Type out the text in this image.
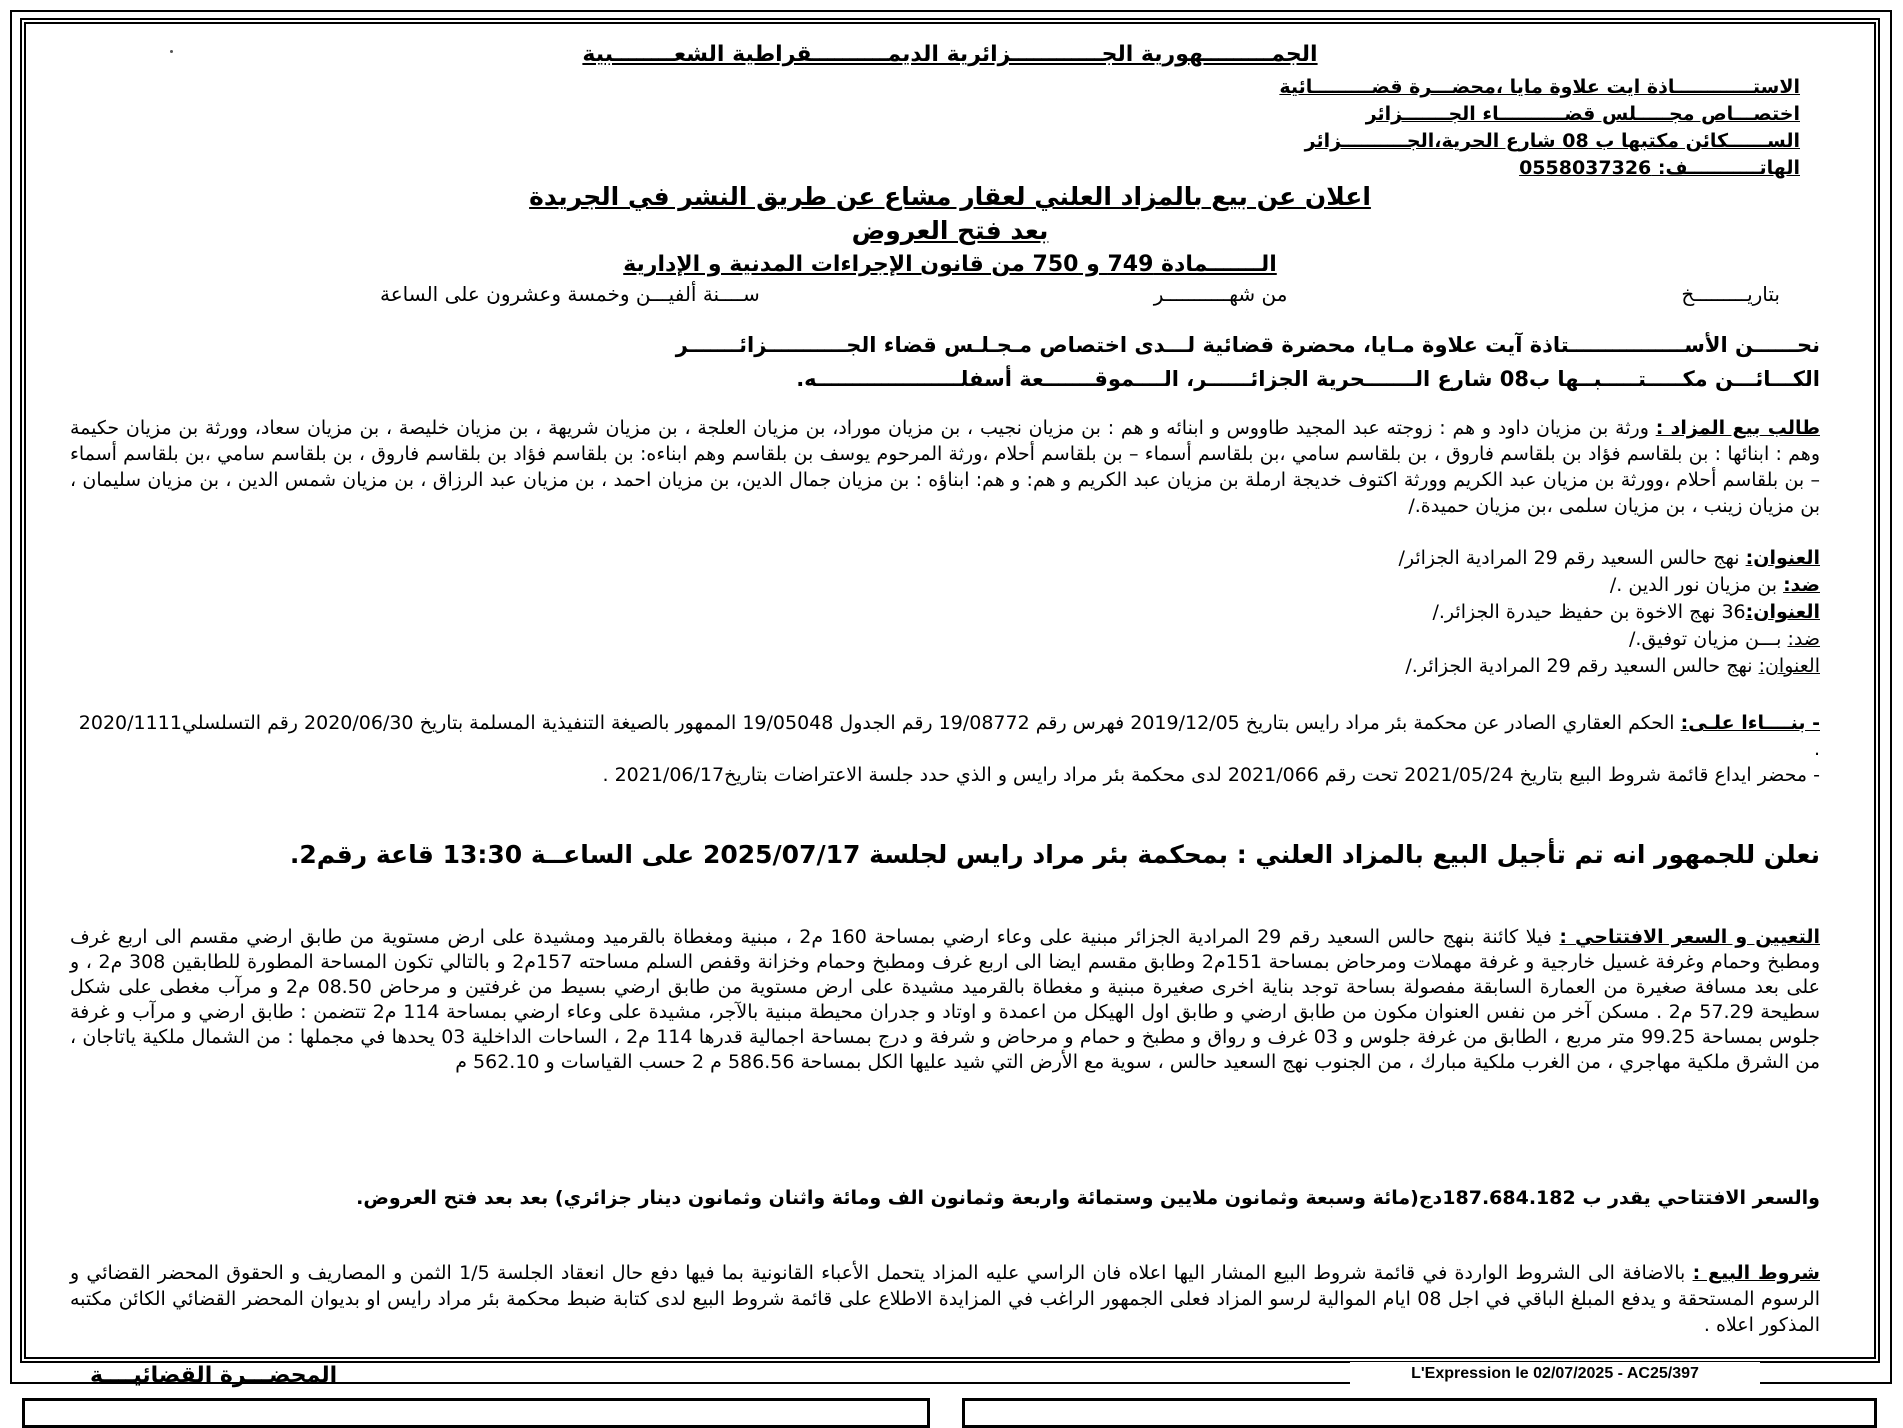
الجمـــــــــهورية الجــــــــــــزائرية الديمــــــــــقراطية الشعــــــــبية
الاستــــــــــــاذة ايت علاوة مايا ،محضـــرة قضـــــــــائية
اختصـــاص مجـــــلس قضــــــــــاء الجـــــــزائر
الســــــكائن مكتبها ب 08 شارع الحرية،الجــــــــــزائر
الهاتـــــــــــف: 0558037326
اعلان عن بيع بالمزاد العلني لعقار مشاع عن طريق النشر في الجريدة
بعد فتح العروض
الـــــــمادة 749 و 750 من قانون الإجراءات المدنية و الإدارية
بتاريـــــــــخ
من شهـــــــــــر
ســــنة ألفيـــن وخمسة وعشرون على الساعة
نحــــــن الأســــــــــــــــتاذة آيت علاوة مـايا، محضرة قضائية لـــدى اختصاص مـجـلـس قضاء الجـــــــــــزائـــــــر
الكـــائـــن مكـــــتـــــبــها ب08 شارع الـــــــحرية الجزائــــــر، الــــموقـــــــعة أسفلــــــــــــــــــــه.
طالب بيع المزاد : ورثة بن مزيان داود و هم : زوجته عبد المجيد طاووس و ابنائه و هم : بن مزيان نجيب ، بن مزيان موراد، بن مزيان العلجة ، بن مزيان شريهة ، بن مزيان خليصة ، بن مزيان سعاد، وورثة بن مزيان حكيمة وهم : ابنائها : بن بلقاسم فؤاد بن بلقاسم فاروق ، بن بلقاسم سامي ،بن بلقاسم أسماء – بن بلقاسم أحلام ،ورثة المرحوم يوسف بن بلقاسم وهم ابناءه: بن بلقاسم فؤاد بن بلقاسم فاروق ، بن بلقاسم سامي ،بن بلقاسم أسماء – بن بلقاسم أحلام ،وورثة بن مزيان عبد الكريم وورثة اكتوف خديجة ارملة بن مزيان عبد الكريم و هم: و هم: ابناؤه : بن مزيان جمال الدين، بن مزيان احمد ، بن مزيان عبد الرزاق ، بن مزيان شمس الدين ، بن مزيان سليمان ، بن مزيان زينب ، بن مزيان سلمى ،بن مزيان حميدة./
العنوان: نهج حالس السعيد رقم 29 المرادية الجزائر/
ضد: بن مزيان نور الدين ./
العنوان:36 نهج الاخوة بن حفيظ حيدرة الجزائر./
ضد: بـــن مزيان توفيق./
العنوان: نهج حالس السعيد رقم 29 المرادية الجزائر./
- بنــــاءا علـى: الحكم العقاري الصادر عن محكمة بئر مراد رايس بتاريخ 2019/12/05 فهرس رقم 19/08772 رقم الجدول 19/05048 الممهور بالصيغة التنفيذية المسلمة بتاريخ 2020/06/30 رقم التسلسلي2020/1111 .
- محضر ايداع قائمة شروط البيع بتاريخ 2021/05/24 تحت رقم 2021/066 لدى محكمة بئر مراد رايس و الذي حدد جلسة الاعتراضات بتاريخ2021/06/17 .
نعلن للجمهور انه تم تأجيل البيع بالمزاد العلني : بمحكمة بئر مراد رايس لجلسة 2025/07/17 على الساعــة 13:30 قاعة رقم2.
التعيين و السعر الافتتاحي : فيلا كائنة بنهج حالس السعيد رقم 29 المرادية الجزائر مبنية على وعاء ارضي بمساحة 160 م2 ، مبنية ومغطاة بالقرميد ومشيدة على ارض مستوية من طابق ارضي مقسم الى اربع غرف ومطبخ وحمام وغرفة غسيل خارجية و غرفة مهملات ومرحاض بمساحة 151م2 وطابق مقسم ايضا الى اربع غرف ومطبخ وحمام وخزانة وقفص السلم مساحته 157م2 و بالتالي تكون المساحة المطورة للطابقين 308 م2 ، و على بعد مسافة صغيرة من العمارة السابقة مفصولة بساحة توجد بناية اخرى صغيرة مبنية و مغطاة بالقرميد مشيدة على ارض مستوية من طابق ارضي بسيط من غرفتين و مرحاض 08.50 م2 و مرآب مغطى على شكل سطيحة 57.29 م2 . مسكن آخر من نفس العنوان مكون من طابق ارضي و طابق اول الهيكل من اعمدة و اوتاد و جدران محيطة مبنية بالآجر، مشيدة على وعاء ارضي بمساحة 114 م2 تتضمن : طابق ارضي و مرآب و غرفة جلوس بمساحة 99.25 متر مربع ، الطابق من غرفة جلوس و 03 غرف و رواق و مطبخ و حمام و مرحاض و شرفة و درج بمساحة اجمالية قدرها 114 م2 ، الساحات الداخلية 03 يحدها في مجملها : من الشمال ملكية ياتاجان ، من الشرق ملكية مهاجري ، من الغرب ملكية مبارك ، من الجنوب نهج السعيد حالس ، سوية مع الأرض التي شيد عليها الكل بمساحة 586.56 م 2 حسب القياسات و 562.10 م
والسعر الافتتاحي يقدر ب 187.684.182دج(مائة وسبعة وثمانون ملايين وستمائة واربعة وثمانون الف ومائة واثنان وثمانون دينار جزائري) بعد بعد فتح العروض.
شروط البيع : بالاضافة الى الشروط الواردة في قائمة شروط البيع المشار اليها اعلاه فان الراسي عليه المزاد يتحمل الأعباء القانونية بما فيها دفع حال انعقاد الجلسة 1/5 الثمن و المصاريف و الحقوق المحضر القضائي و الرسوم المستحقة و يدفع المبلغ الباقي في اجل 08 ايام الموالية لرسو المزاد فعلى الجمهور الراغب في المزايدة الاطلاع على قائمة شروط البيع لدى كتابة ضبط محكمة بئر مراد رايس او بديوان المحضر القضائي الكائن مكتبه المذكور اعلاه .
المحضـــرة القضائيــــة	L'Expression le 02/07/2025 - AC25/397
